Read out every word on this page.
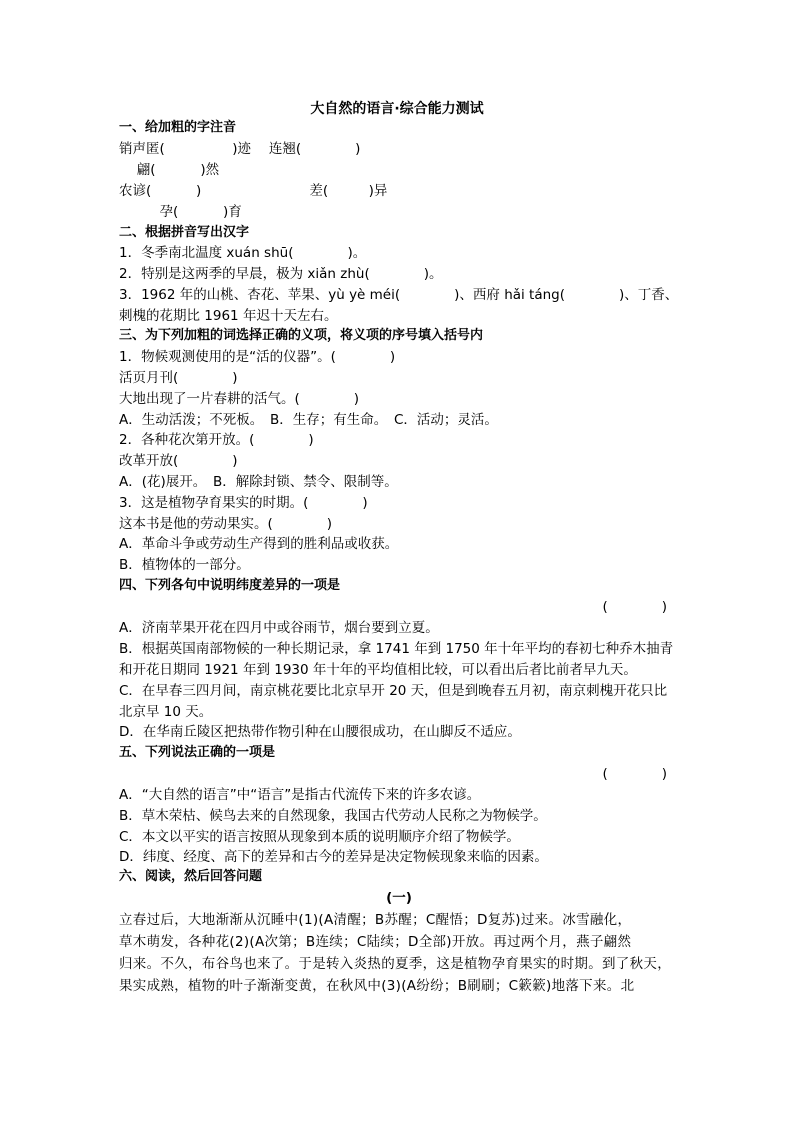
大自然的语言·综合能力测试
一、给加粗的字注音
销声匿(　　　　　)迹　 连翘(　　　　)
　 翩(　　　 )然
农谚(　　　 )　　　　　　　　差(　　　)异
　　　孕(　　　 )育
二、根据拼音写出汉字
1．冬季南北温度 xuán shū(　　　　)。
2．特别是这两季的早晨，极为 xiǎn zhù(　　　　)。
3．1962 年的山桃、杏花、苹果、yù yè méi(　　　　)、西府 hǎi táng(　　　　)、丁香、
刺槐的花期比 1961 年迟十天左右。
三、为下列加粗的词选择正确的义项，将义项的序号填入括号内
1．物候观测使用的是“活的仪器”。(　　　　)
活页月刊(　　　　)
大地出现了一片春耕的活气。(　　　　)
A．生动活泼；不死板。　B．生存；有生命。　C．活动；灵活。
2．各种花次第开放。(　　　　)
改革开放(　　　　)
A．(花)展开。　B．解除封锁、禁令、限制等。
3．这是植物孕育果实的时期。(　　　　)
这本书是他的劳动果实。(　　　　)
A．革命斗争或劳动生产得到的胜利品或收获。
B．植物体的一部分。
四、下列各句中说明纬度差异的一项是
(　　　　)
A．济南苹果开花在四月中或谷雨节，烟台要到立夏。
B．根据英国南部物候的一种长期记录，拿 1741 年到 1750 年十年平均的春初七种乔木抽青
和开花日期同 1921 年到 1930 年十年的平均值相比较，可以看出后者比前者早九天。
C．在早春三四月间，南京桃花要比北京早开 20 天，但是到晚春五月初，南京刺槐开花只比
北京早 10 天。
D．在华南丘陵区把热带作物引种在山腰很成功，在山脚反不适应。
五、下列说法正确的一项是
(　　　　)
A．“大自然的语言”中“语言”是指古代流传下来的许多农谚。
B．草木荣枯、候鸟去来的自然现象，我国古代劳动人民称之为物候学。
C．本文以平实的语言按照从现象到本质的说明顺序介绍了物候学。
D．纬度、经度、高下的差异和古今的差异是决定物候现象来临的因素。
六、阅读，然后回答问题
(一)
立春过后，大地渐渐从沉睡中(1)(A清醒；B苏醒；C醒悟；D复苏)过来。冰雪融化，
草木萌发，各种花(2)(A次第；B连续；C陆续；D全部)开放。再过两个月，燕子翩然
归来。不久，布谷鸟也来了。于是转入炎热的夏季，这是植物孕育果实的时期。到了秋天，
果实成熟，植物的叶子渐渐变黄，在秋风中(3)(A纷纷；B刷刷；C簌簌)地落下来。北
